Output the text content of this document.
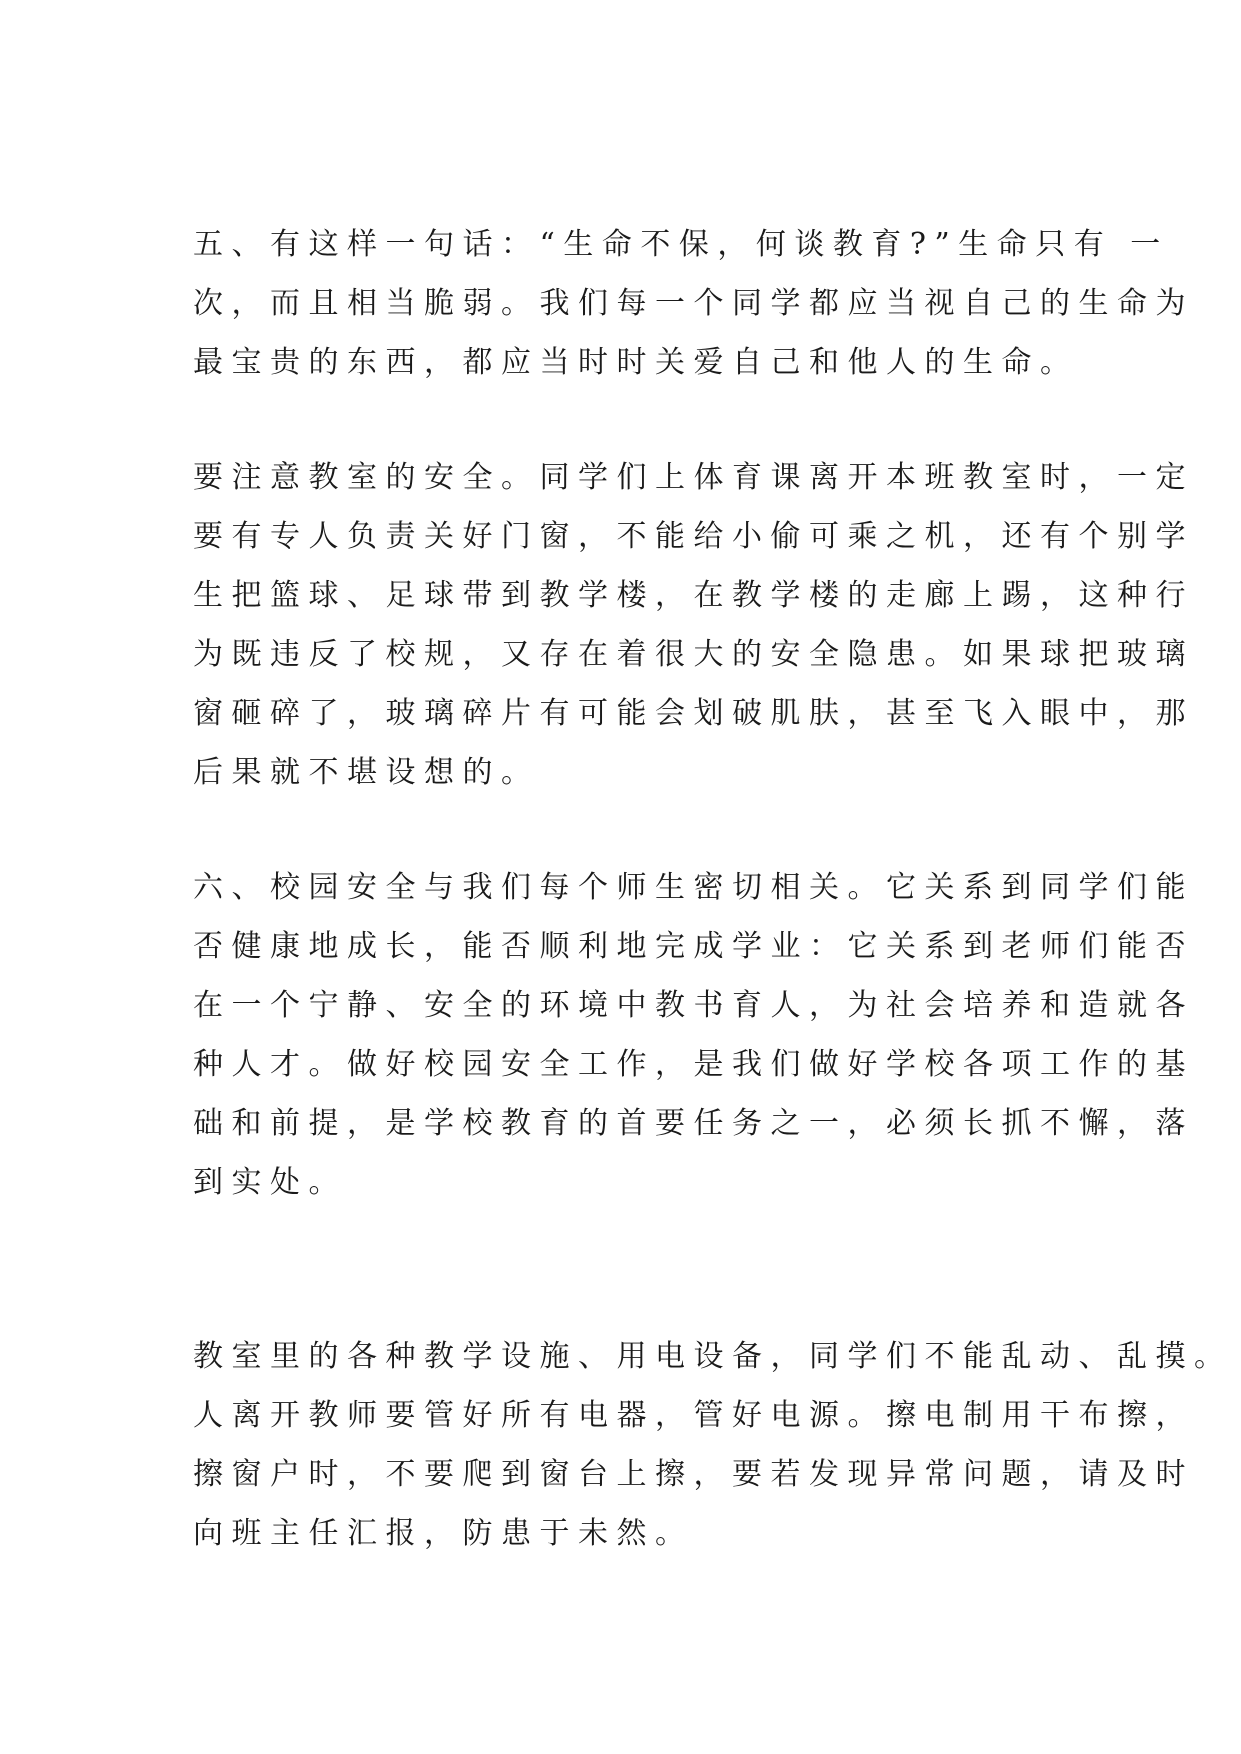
五、有这样一句话：“生命不保，何谈教育?”生命只有 一
次，而且相当脆弱。我们每一个同学都应当视自己的生命为
最宝贵的东西，都应当时时关爱自己和他人的生命。
要注意教室的安全。同学们上体育课离开本班教室时，一定
要有专人负责关好门窗，不能给小偷可乘之机，还有个别学
生把篮球、足球带到教学楼，在教学楼的走廊上踢，这种行
为既违反了校规，又存在着很大的安全隐患。如果球把玻璃
窗砸碎了，玻璃碎片有可能会划破肌肤，甚至飞入眼中，那
后果就不堪设想的。
六、校园安全与我们每个师生密切相关。它关系到同学们能
否健康地成长，能否顺利地完成学业：它关系到老师们能否
在一个宁静、安全的环境中教书育人，为社会培养和造就各
种人才。做好校园安全工作，是我们做好学校各项工作的基
础和前提，是学校教育的首要任务之一，必须长抓不懈，落
到实处。
教室里的各种教学设施、用电设备，同学们不能乱动、乱摸。
人离开教师要管好所有电器，管好电源。擦电制用干布擦，
擦窗户时，不要爬到窗台上擦，要若发现异常问题，请及时
向班主任汇报，防患于未然。
